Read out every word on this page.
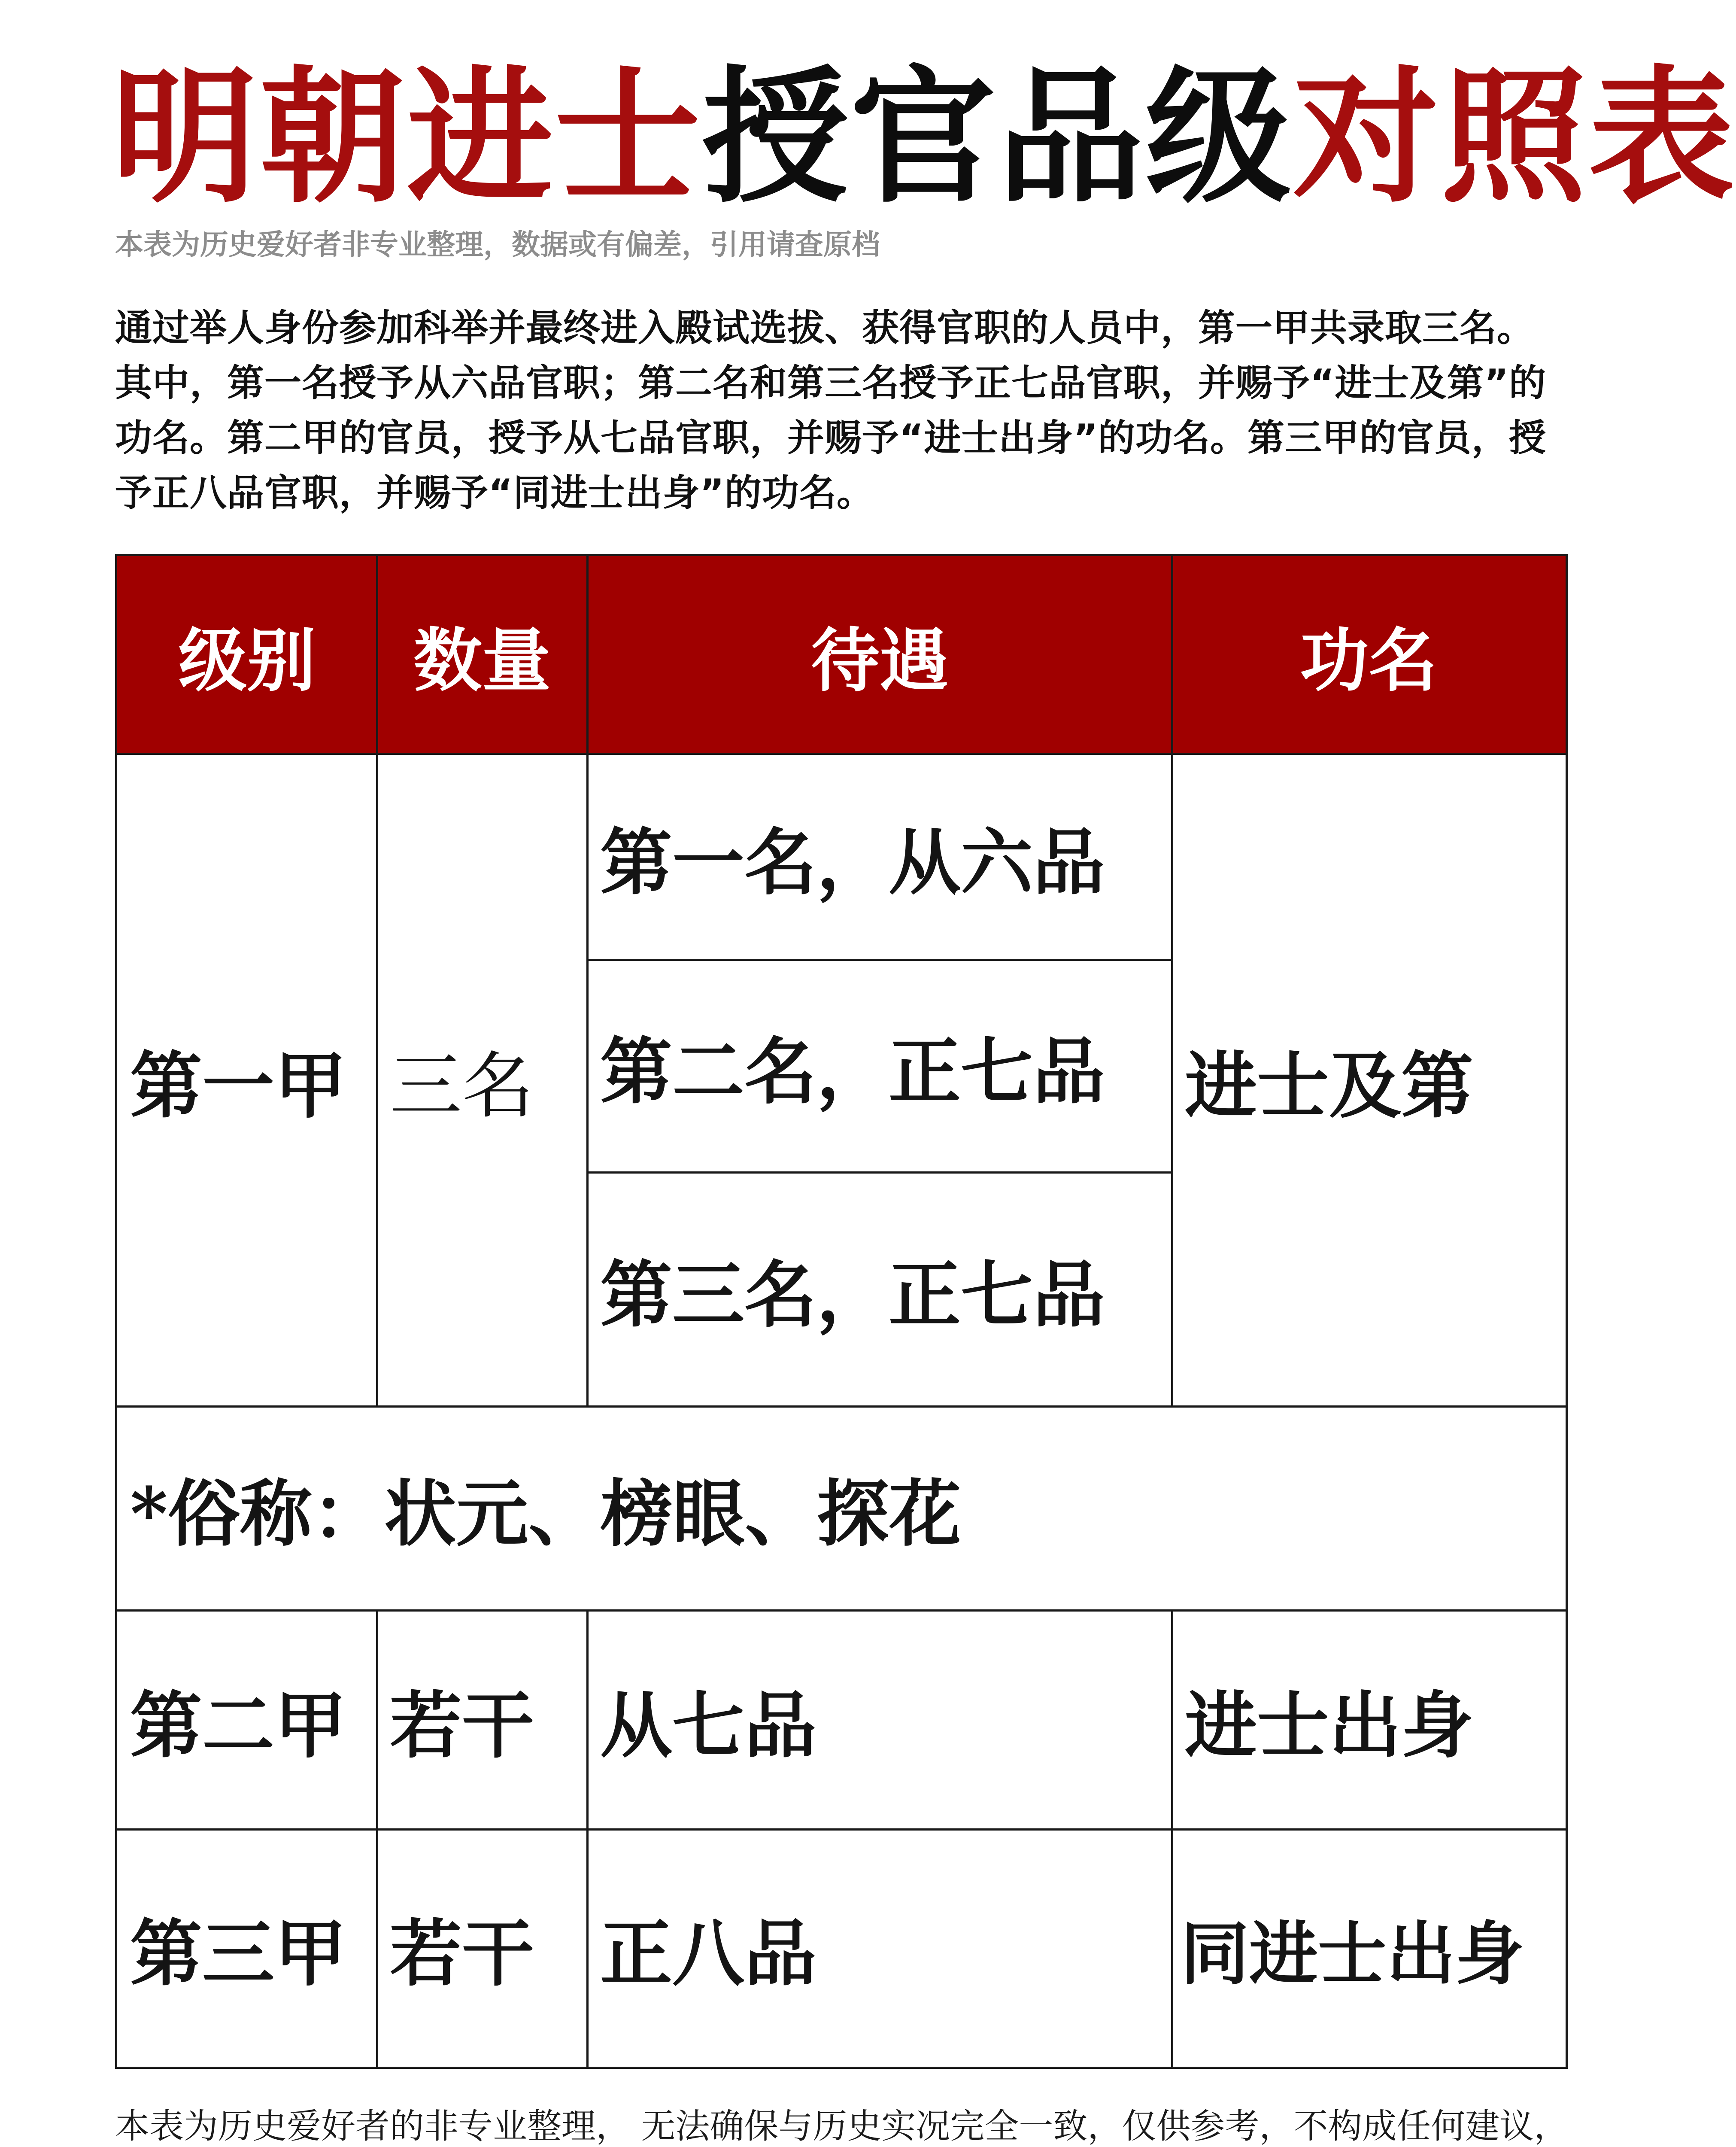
明朝进士授官品级对照表
本表为历史爱好者非专业整理，数据或有偏差，引用请查原档
通过举人身份参加科举并最终进入殿试选拔、获得官职的人员中，第一甲共录取三名。其中，第一名授予从六品官职；第二名和第三名授予正七品官职，并赐予“进士及第”的功名。第二甲的官员，授予从七品官职，并赐予“进士出身”的功名。第三甲的官员，授予正八品官职，并赐予“同进士出身”的功名。
级别 数量	待遇	功名
第一甲 三名
第一名，从六品
第二名，正七品
第三名，正七品
进士及第
*俗称：状元、榜眼、探花
第二甲 若干 从七品	进士出身
第三甲 若干 正八品	同进士出身
本表为历史爱好者的非专业整理， 无法确保与历史实况完全一致，仅供参考，不构成任何建议，
